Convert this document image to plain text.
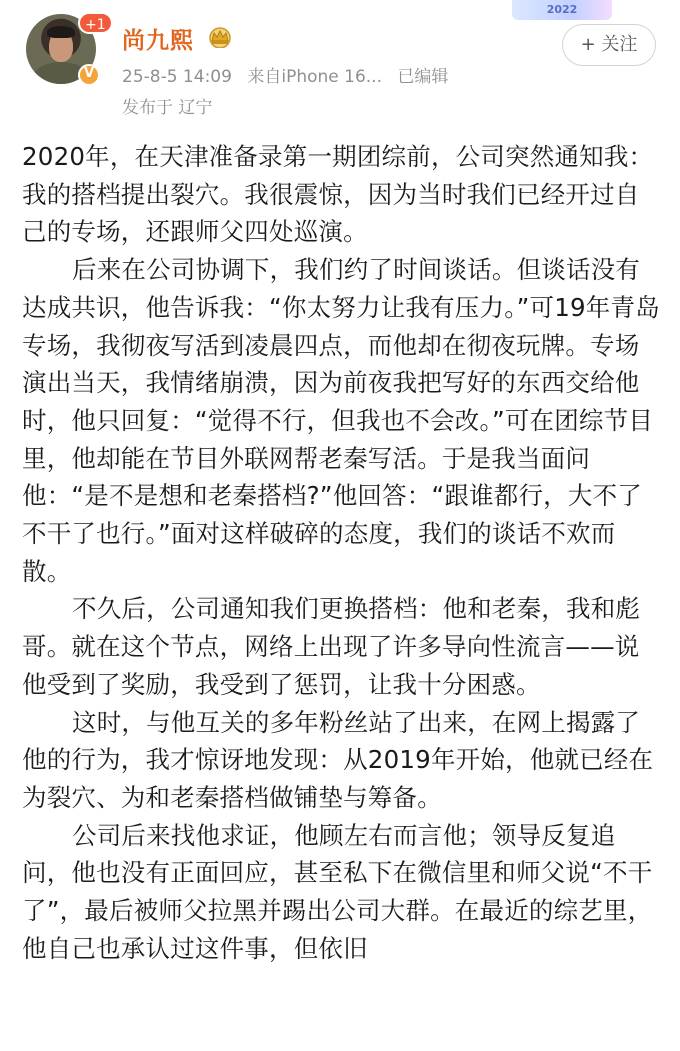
+1
V
尚九熙
25-8-5 14:09 来自iPhone 16... 已编辑
发布于 辽宁
2022
+ 关注

2020年，在天津准备录第一期团综前，公司突然通知我：我的搭档提出裂穴。我很震惊，因为当时我们已经开过自己的专场，还跟师父四处巡演。

后来在公司协调下，我们约了时间谈话。但谈话没有达成共识，他告诉我：“你太努力让我有压力。”可19年青岛专场，我彻夜写活到凌晨四点，而他却在彻夜玩牌。专场演出当天，我情绪崩溃，因为前夜我把写好的东西交给他时，他只回复：“觉得不行，但我也不会改。”可在团综节目里，他却能在节目外联网帮老秦写活。于是我当面问他：“是不是想和老秦搭档?”他回答：“跟谁都行，大不了不干了也行。”面对这样破碎的态度，我们的谈话不欢而散。

不久后，公司通知我们更换搭档：他和老秦，我和彪哥。就在这个节点，网络上出现了许多导向性流言——说他受到了奖励，我受到了惩罚，让我十分困惑。

这时，与他互关的多年粉丝站了出来，在网上揭露了他的行为，我才惊讶地发现：从2019年开始，他就已经在为裂穴、为和老秦搭档做铺垫与筹备。

公司后来找他求证，他顾左右而言他；领导反复追问，他也没有正面回应，甚至私下在微信里和师父说“不干了”，最后被师父拉黑并踢出公司大群。在最近的综艺里，他自己也承认过这件事，但依旧
